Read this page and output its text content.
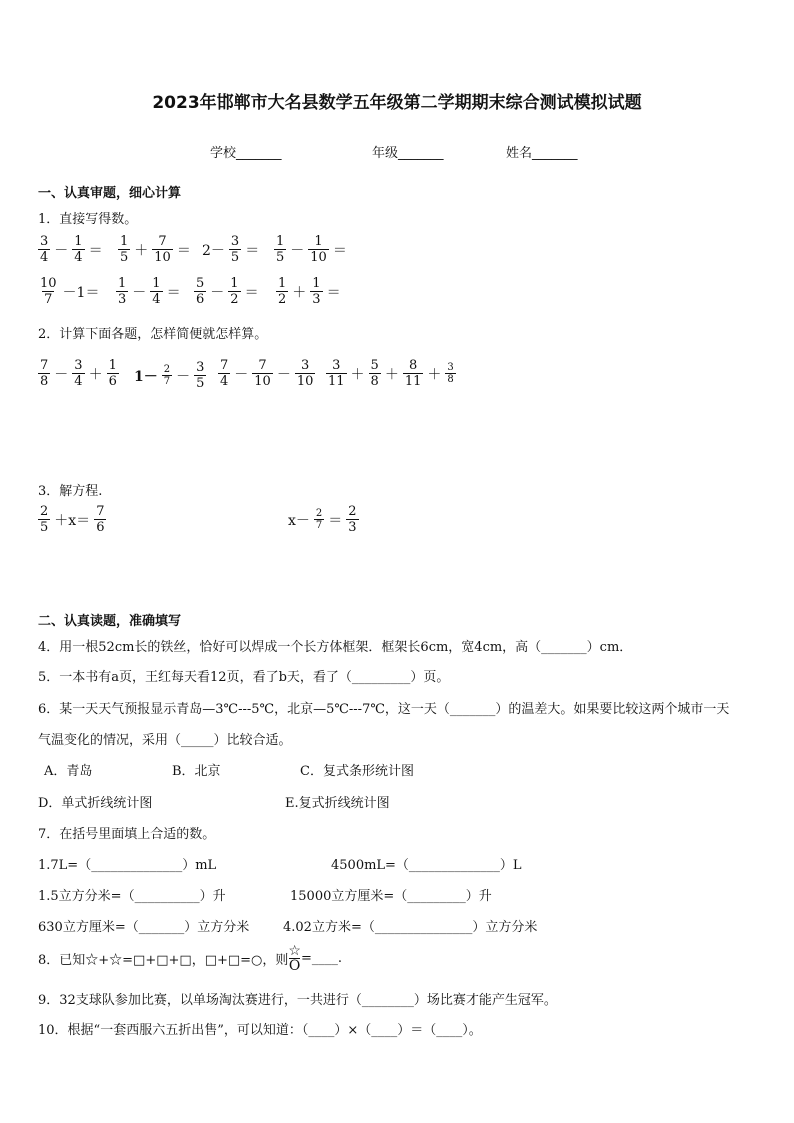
2023年邯郸市大名县数学五年级第二学期期末综合测试模拟试题
学校_______	年级_______	姓名_______
一、认真审题，细心计算
1．直接写得数。
$\frac{3}{4} - \frac{1}{4} = \frac{1}{5} + \frac{7}{10} = 2- \frac{3}{5} = \frac{1}{5} - \frac{1}{10}$ ＝
$\frac{10}{7} -1= \frac{1}{3} - \frac{1}{4} = \frac{5}{6} - \frac{1}{2} = \frac{1}{2} + \frac{1}{3}$ ＝
2．计算下面各题，怎样简便就怎样算。
$\frac{7}{8} - \frac{3}{4} + \frac{1}{6} 1- \frac{2}{7} - \frac{3}{5} \frac{7}{4} - \frac{7}{10} - \frac{3}{10} \frac{3}{11} + \frac{5}{8} + \frac{8}{11} + \frac{3}{8}$
3．解方程.
$\frac{2}{5} +x= \frac{7}{6}$	$x- \frac{2}{7} = \frac{2}{3}$
二、认真读题，准确填写
4．用一根52cm长的铁丝，恰好可以焊成一个长方体框架．框架长6cm，宽4cm，高（_______）cm．
5．一本书有a页，王红每天看12页，看了b天，看了（_________）页。
6．某一天天气预报显示青岛—3℃---5℃，北京—5℃---7℃，这一天（_______）的温差大。如果要比较这两个城市一天
气温变化的情况，采用（_____）比较合适。
A．青岛	B．北京	C．复式条形统计图
D．单式折线统计图	E.复式折线统计图
7．在括号里面填上合适的数。
1.7L=（______________）mL	4500mL=（______________）L
1.5立方分米=（__________）升	15000立方厘米=（_________）升
630立方厘米=（_______）立方分米	4.02立方米=（_______________）立方分米
8．已知☆+☆=□+□+□，□+□=○，则 $\frac{☆}{O}$ =____.
9．32支球队参加比赛，以单场淘汰赛进行，一共进行（________）场比赛才能产生冠军。
10．根据“一套西服六五折出售”，可以知道：（____）×（____）＝（____）。
